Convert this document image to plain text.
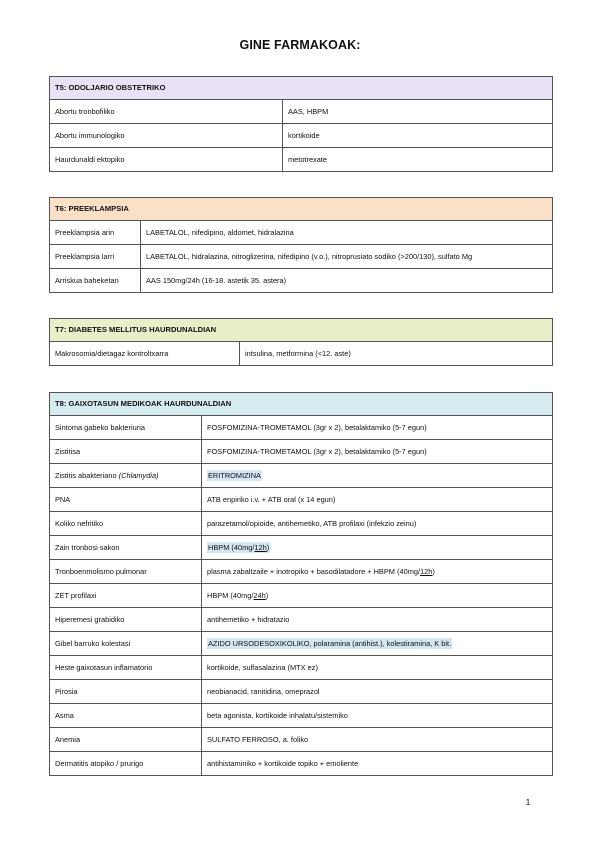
GINE FARMAKOAK:
T5: ODOLJARIO OBSTETRIKO	
Abortu tronbofiliko	AAS, HBPM
Abortu immunologiko	kortikoide
Haurdunaldi ektopiko	metotrexate
T6: PREEKLAMPSIA	
Preeklampsia arin	LABETALOL, nifedipino, aldomet, hidralazina
Preeklampsia larri	LABETALOL, hidralazina, nitroglizerina, nifedipino (v.o.), nitroprusiato sodiko (>200/130), sulfato Mg
Arriskua baheketan	AAS 150mg/24h (16-18. astetik 35. astera)
T7: DIABETES MELLITUS HAURDUNALDIAN
Makrosomia/dietagaz kontroltxarra	intsulina, metformina (<12. aste)
T8: GAIXOTASUN MEDIKOAK HAURDUNALDIAN	
Sintoma gabeko bakteriuria	FOSFOMIZINA-TROMETAMOL (3gr x 2), betalaktamiko (5-7 egun)
Zistitisa	FOSFOMIZINA-TROMETAMOL (3gr x 2), betalaktamiko (5-7 egun)
Zistitis abakteriano (Chlamydia)	ERITROMIZINA
PNA	ATB enpiriko i.v. + ATB oral (x 14 egun)
Koliko nefritiko	parazetamol/opioide, antihemetiko, ATB profilaxi (infekzio zeinu)
Zain tronbosi sakon	HBPM (40mg/12h)
Tronboenmolismo pulmonar	plasma zabaltzaile + inotropiko + basodilatadore + HBPM (40mg/12h)
ZET profilaxi	HBPM (40mg/24h)
Hiperemesi grabidiko	antihemetiko + hidratazio
Gibel barruko kolestasi	AZIDO URSODESOXIKOLIKO, polaramina (antihist.), kolestiramina, K bit.
Heste gaixotasun inflamatorio	kortikoide, sulfasalazina (MTX ez)
Pirosia	neobianacid, ranitidina, omeprazol
Asma	beta agonista, kortikoide inhalatu/sistemiko
Anemia	SULFATO FERROSO, a. foliko
Dermatitis atopiko / prurigo	antihistaminiko + kortikoide topiko + emoliente
1
